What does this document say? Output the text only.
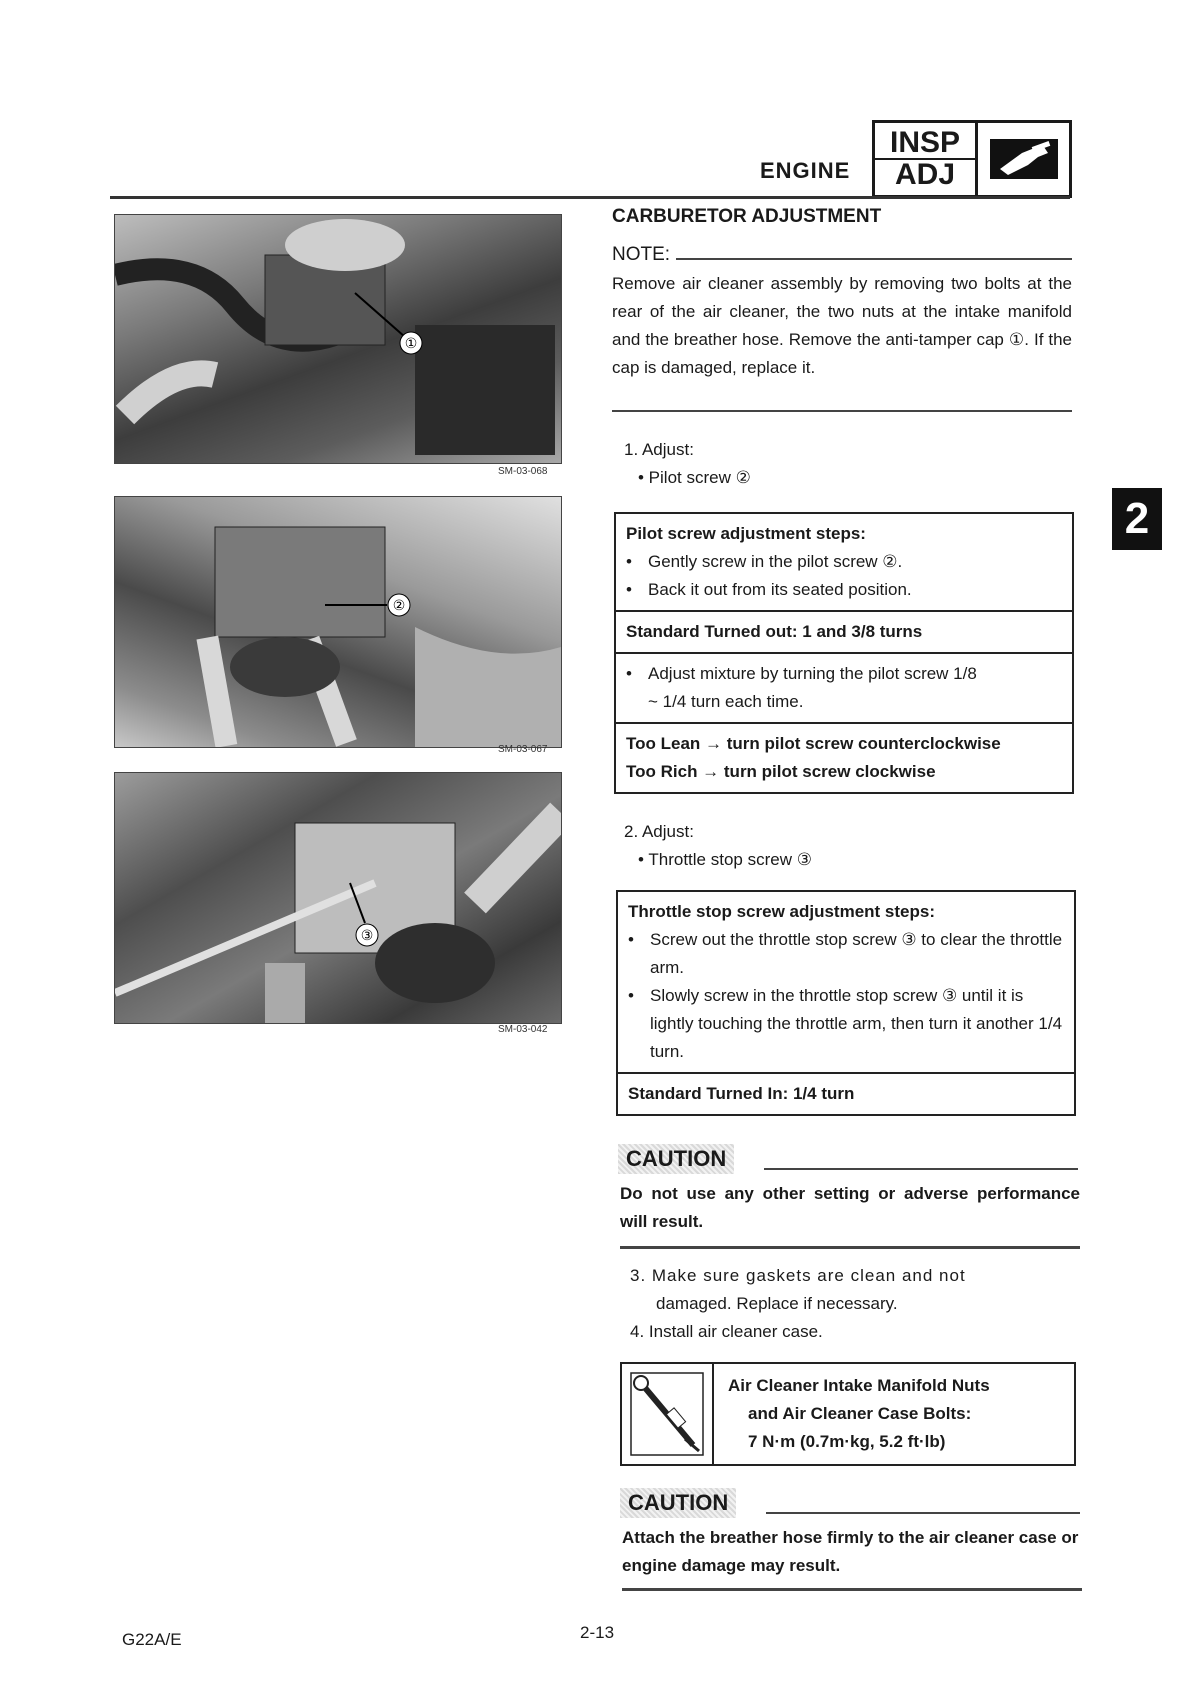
ENGINE
INSP
ADJ
2
①
SM-03-068
②
SM-03-067
③
SM-03-042
CARBURETOR ADJUSTMENT
NOTE:
Remove air cleaner assembly by removing two bolts at the rear of the air cleaner, the two nuts at the intake manifold and the breather hose. Remove the anti-tamper cap ①. If the cap is damaged, replace it.
1. Adjust:
• Pilot screw ②
Pilot screw adjustment steps:
• Gently screw in the pilot screw ②.
• Back it out from its seated position.
Standard Turned out: 1 and 3/8 turns
• Adjust mixture by turning the pilot screw 1/8
~ 1/4 turn each time.
Too Lean → turn pilot screw counterclockwise
Too Rich → turn pilot screw clockwise
2. Adjust:
• Throttle stop screw ③
Throttle stop screw adjustment steps:
• Screw out the throttle stop screw ③ to clear the throttle arm.
• Slowly screw in the throttle stop screw ③ until it is lightly touching the throttle arm, then turn it another 1/4 turn.
Standard Turned In: 1/4 turn
CAUTION
Do not use any other setting or adverse performance will result.
3. Make sure gaskets are clean and not
damaged. Replace if necessary.
4. Install air cleaner case.
Air Cleaner Intake Manifold Nuts
and Air Cleaner Case Bolts:
7 N·m (0.7m·kg, 5.2 ft·lb)
CAUTION
Attach the breather hose firmly to the air cleaner case or engine damage may result.
G22A/E	2-13
